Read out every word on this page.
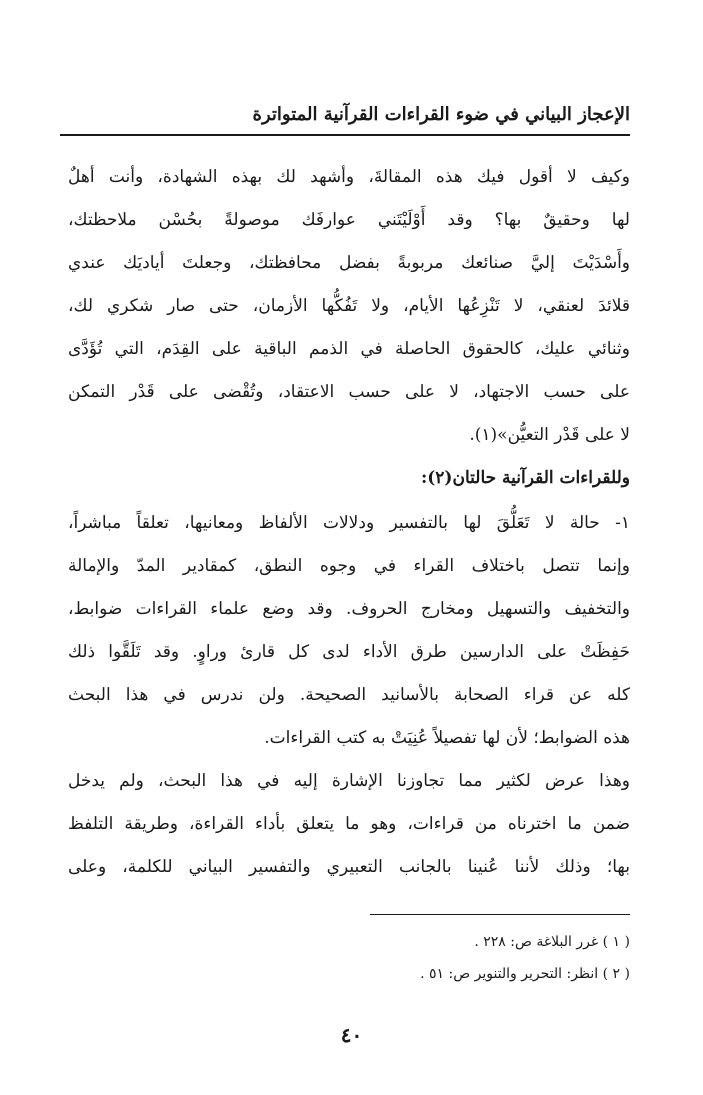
الإعجاز البياني في ضوء القراءات القرآنية المتواترة
وكيف لا أقول فيك هذه المقالةَ، وأشهد لك بهذه الشهادة، وأنت أهلٌ
لها وحقيقٌ بها؟ وقد أَوْلَيْتَني عوارفَك موصولةً بحُسْن ملاحظتك،
وأَسْدَيْتَ إليَّ صنائعك مربوبةً بفضل محافظتك، وجعلتَ أياديَك عندي
قلائدَ لعنقي، لا تَنْزِعُها الأيام، ولا تَفُكُّها الأزمان، حتى صار شكري لك،
وثنائي عليك، كالحقوق الحاصلة في الذمم الباقية على القِدَم، التي تُؤَدَّى
على حسب الاجتهاد، لا على حسب الاعتقاد، وتُقْضى على قَدْر التمكن
لا على قَدْر التعيُّن»(١).
وللقراءات القرآنية حالتان(٢):
١- حالة لا تَعَلُّقَ لها بالتفسير ودلالات الألفاظ ومعانيها، تعلقاً مباشراً،
وإنما تتصل باختلاف القراء في وجوه النطق، كمقادير المدّ والإمالة
والتخفيف والتسهيل ومخارج الحروف. وقد وضع علماء القراءات ضوابط،
حَفِظَتْ على الدارسين طرق الأداء لدى كل قارئ وراوٍ. وقد تَلَقَّوا ذلك
كله عن قراء الصحابة بالأسانيد الصحيحة. ولن ندرس في هذا البحث
هذه الضوابط؛ لأن لها تفصيلاً عُنِيَتْ به كتب القراءات.
وهذا عرض لكثير مما تجاوزنا الإشارة إليه في هذا البحث، ولم يدخل
ضمن ما اخترناه من قراءات، وهو ما يتعلق بأداء القراءة، وطريقة التلفظ
بها؛ وذلك لأننا عُنينا بالجانب التعبيري والتفسير البياني للكلمة، وعلى
( ١ ) غرر البلاغة ص: ٢٢٨ .
( ٢ ) انظر: التحرير والتنوير ص: ٥١ .
٤٠
